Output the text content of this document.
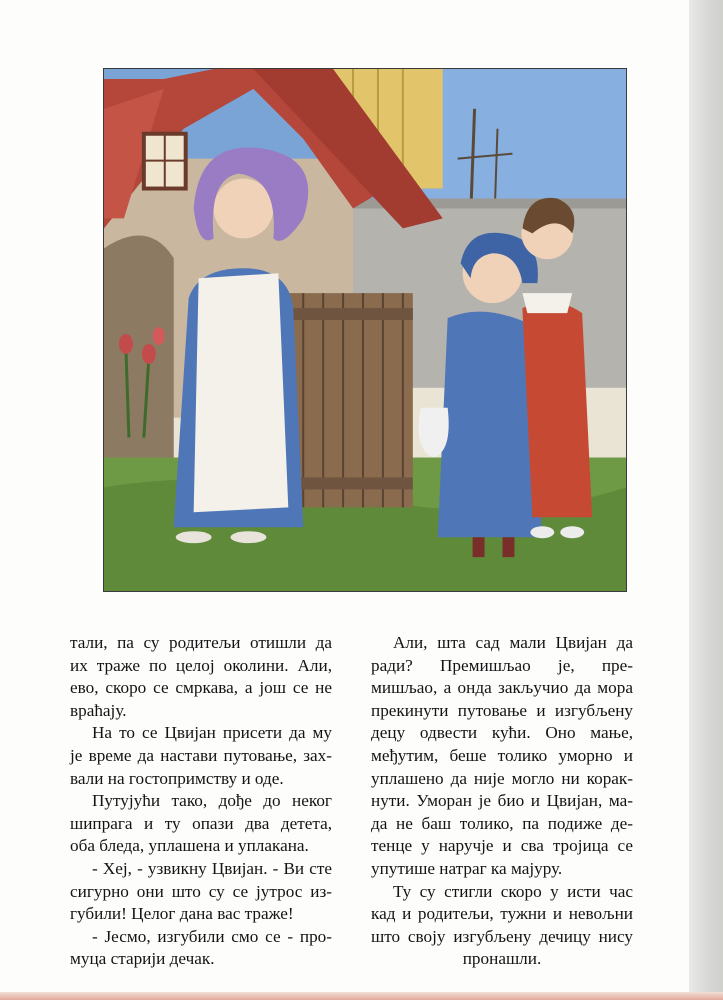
тали, па су родитељи отишли да

их траже по целој околини. Али,

ево, скоро се смркава, а још се не

враћају.

На то се Цвијан присети да му

је време да настави путовање, зах-

вали на гостопримству и оде.

Путујући тако, дође до неког

шипрага и ту опази два детета,

оба бледа, уплашена и уплакана.

- Хеј, - узвикну Цвијан. - Ви сте

сигурно они што су се јутрос из-

губили! Целог дана вас траже!

- Јесмо, изгубили смо се - про-

муца старији дечак.

Али, шта сад мали Цвијан да

ради? Премишљао је, пре-

мишљао, а онда закључио да мора

прекинути путовање и изгубљену

децу одвести кући. Оно мање,

међутим, беше толико уморно и

уплашено да није могло ни корак-

нути. Уморан је био и Цвијан, ма-

да не баш толико, па подиже де-

тенце у наручје и сва тројица се

упутише натраг ка мајуру.

Ту су стигли скоро у исти час

кад и родитељи, тужни и невољни

што своју изгубљену дечицу нису

пронашли.
